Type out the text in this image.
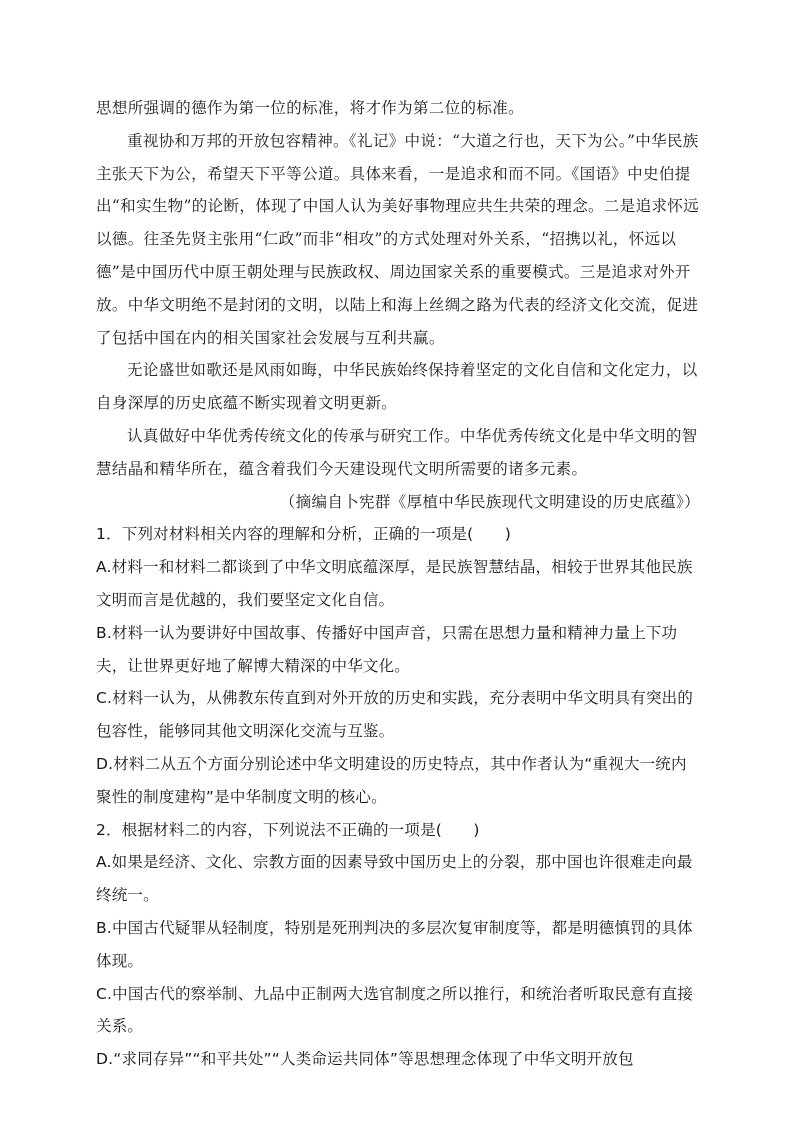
思想所强调的德作为第一位的标准，将才作为第二位的标准。

重视协和万邦的开放包容精神。《礼记》中说：“大道之行也，天下为公。”中华民族主张天下为公，希望天下平等公道。具体来看，一是追求和而不同。《国语》中史伯提出“和实生物”的论断，体现了中国人认为美好事物理应共生共荣的理念。二是追求怀远以德。往圣先贤主张用“仁政”而非“相攻”的方式处理对外关系，“招携以礼，怀远以德”是中国历代中原王朝处理与民族政权、周边国家关系的重要模式。三是追求对外开放。中华文明绝不是封闭的文明，以陆上和海上丝绸之路为代表的经济文化交流，促进了包括中国在内的相关国家社会发展与互利共赢。

无论盛世如歌还是风雨如晦，中华民族始终保持着坚定的文化自信和文化定力，以自身深厚的历史底蕴不断实现着文明更新。

认真做好中华优秀传统文化的传承与研究工作。中华优秀传统文化是中华文明的智慧结晶和精华所在，蕴含着我们今天建设现代文明所需要的诸多元素。

（摘编自卜宪群《厚植中华民族现代文明建设的历史底蕴》）

1．下列对材料相关内容的理解和分析，正确的一项是(　　)

A.材料一和材料二都谈到了中华文明底蕴深厚，是民族智慧结晶，相较于世界其他民族文明而言是优越的，我们要坚定文化自信。

B.材料一认为要讲好中国故事、传播好中国声音，只需在思想力量和精神力量上下功夫，让世界更好地了解博大精深的中华文化。

C.材料一认为，从佛教东传直到对外开放的历史和实践，充分表明中华文明具有突出的包容性，能够同其他文明深化交流与互鉴。

D.材料二从五个方面分别论述中华文明建设的历史特点，其中作者认为“重视大一统内聚性的制度建构”是中华制度文明的核心。

2．根据材料二的内容，下列说法不正确的一项是(　　)

A.如果是经济、文化、宗教方面的因素导致中国历史上的分裂，那中国也许很难走向最终统一。

B.中国古代疑罪从轻制度，特别是死刑判决的多层次复审制度等，都是明德慎罚的具体体现。

C.中国古代的察举制、九品中正制两大选官制度之所以推行，和统治者听取民意有直接关系。

D.“求同存异”“和平共处”“人类命运共同体”等思想理念体现了中华文明开放包
